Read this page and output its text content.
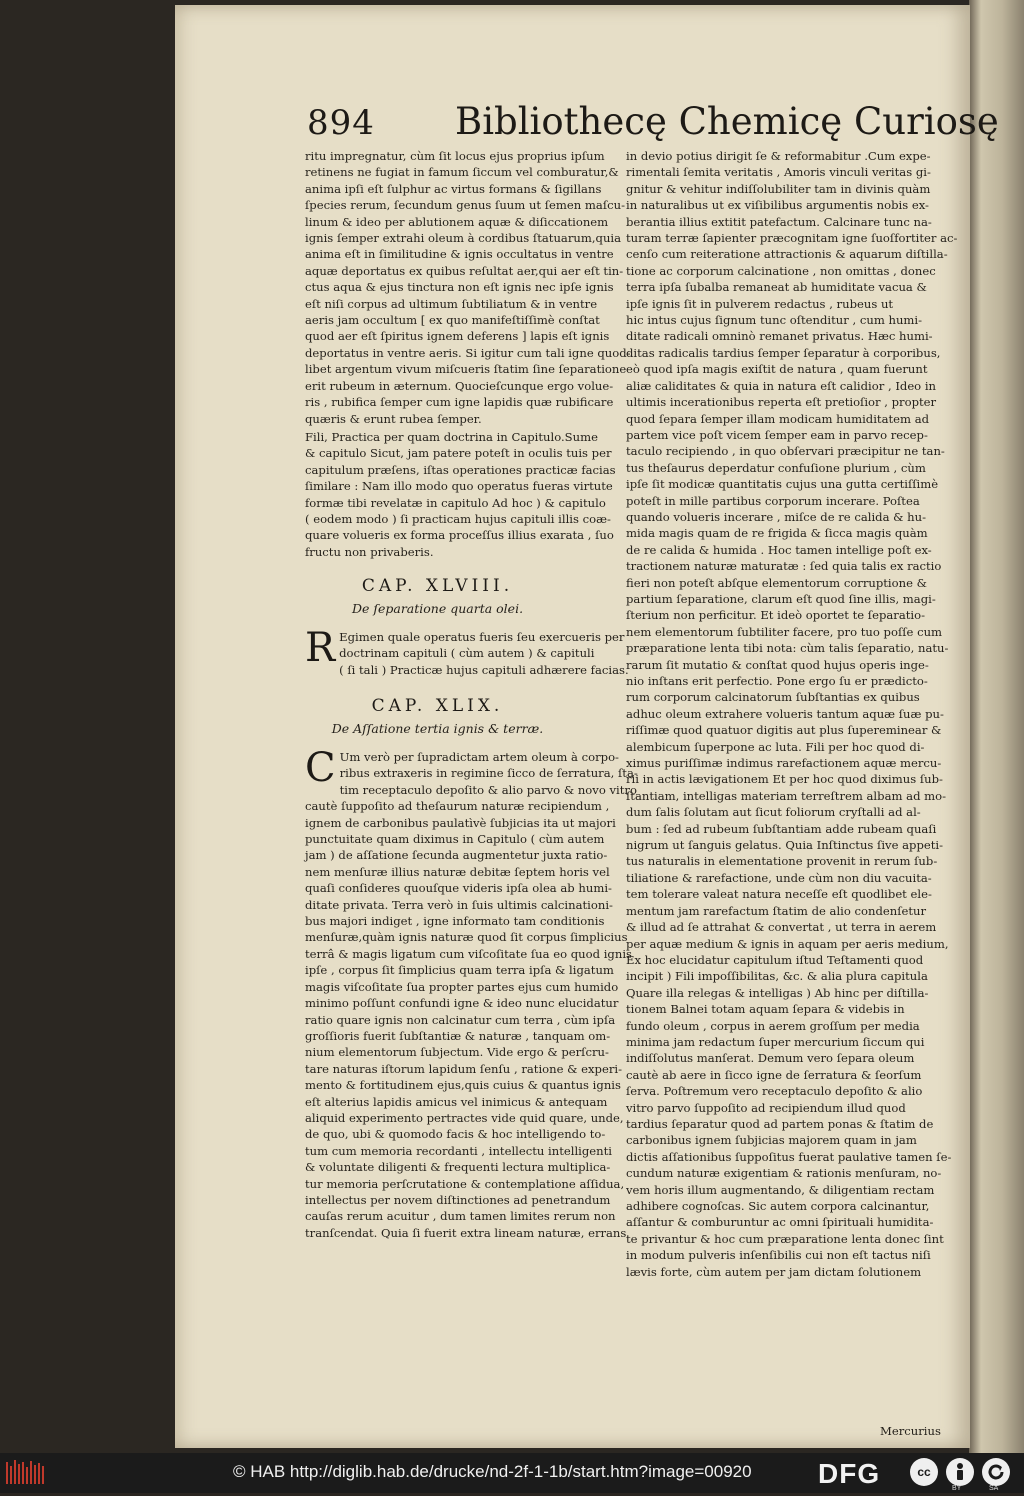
894 Bibliothecę Chemicę Curiosę
ritu impregnatur, cùm ſit locus ejus proprius ipſum
retinens ne fugiat in famum ſiccum vel comburatur,&
anima ipſi eſt ſulphur ac virtus formans & ſigillans
ſpecies rerum, ſecundum genus ſuum ut ſemen maſcu-
linum & ideo per ablutionem aquæ & diſiccationem
ignis ſemper extrahi oleum à cordibus ſtatuarum,quia
anima eſt in ſimilitudine & ignis occultatus in ventre
aquæ deportatus ex quibus reſultat aer,qui aer eſt tin-
ctus aqua & ejus tinctura non eſt ignis nec ipſe ignis
eſt niſi corpus ad ultimum ſubtiliatum & in ventre
aeris jam occultum [ ex quo manifeſtiſſimè conſtat
quod aer eſt ſpiritus ignem deferens ] lapis eſt ignis
deportatus in ventre aeris. Si igitur cum tali igne quod-
libet argentum vivum miſcueris ſtatim ſine ſeparatione
erit rubeum in æternum. Quocieſcunque ergo volue-
ris , rubifica ſemper cum igne lapidis quæ rubificare
quæris & erunt rubea ſemper.
Fili, Practica per quam doctrina in Capitulo.Sume
& capitulo Sicut, jam patere poteſt in oculis tuis per
capitulum præſens, iſtas operationes practicæ facias
ſimilare : Nam illo modo quo operatus fueras virtute
formæ tibi revelatæ in capitulo Ad hoc ) & capitulo
( eodem modo ) ſi practicam hujus capituli illis coæ-
quare volueris ex forma proceſſus illius exarata , ſuo
fructu non privaberis.
CAP. XLVIII.
De ſeparatione quarta olei.
R Egimen quale operatus fueris ſeu exercueris per
doctrinam capituli ( cùm autem ) & capituli
( ſi tali ) Practicæ hujus capituli adhærere facias.
CAP. XLIX.
De Aſſatione tertia ignis & terræ.
C Um verò per ſupradictam artem oleum à corpo-
ribus extraxeris in regimine ſicco de ſerratura, ſta-
tim receptaculo depoſito & alio parvo & novo vitro
cautè ſuppoſito ad theſaurum naturæ recipiendum ,
ignem de carbonibus paulatìvè ſubjicias ita ut majori
punctuitate quam diximus in Capitulo ( cùm autem
jam ) de aſſatione ſecunda augmentetur juxta ratio-
nem menſuræ illius naturæ debitæ ſeptem horis vel
quaſi conſideres quouſque videris ipſa olea ab humi-
ditate privata. Terra verò in ſuis ultimis calcinationi-
bus majori indiget , igne informato tam conditionis
menſuræ,quàm ignis naturæ quod ſit corpus ſimplicius
terrâ & magis ligatum cum viſcoſitate ſua eo quod ignis
ipſe , corpus ſit ſimplicius quam terra ipſa & ligatum
magis viſcoſitate ſua propter partes ejus cum humido
minimo poſſunt confundi igne & ideo nunc elucidatur
ratio quare ignis non calcinatur cum terra , cùm ipſa
groſſioris fuerit ſubſtantiæ & naturæ , tanquam om-
nium elementorum ſubjectum. Vide ergo & perſcru-
tare naturas iſtorum lapidum ſenſu , ratione & experi-
mento & fortitudinem ejus,quis cuius & quantus ignis
eſt alterius lapidis amicus vel inimicus & antequam
aliquid experimento pertractes vide quid quare, unde,
de quo, ubi & quomodo facis & hoc intelligendo to-
tum cum memoria recordanti , intellectu intelligenti
& voluntate diligenti & frequenti lectura multiplica-
tur memoria perſcrutatione & contemplatione aſſidua,
intellectus per novem diſtinctiones ad penetrandum
cauſas rerum acuitur , dum tamen limites rerum non
tranſcendat. Quia ſi fuerit extra lineam naturæ, errans
in devio potius dirigit ſe & reformabitur .Cum expe-
rimentali ſemita veritatis , Amoris vinculi veritas gi-
gnitur & vehitur indiſſolubiliter tam in divinis quàm
in naturalibus ut ex viſibilibus argumentis nobis ex-
berantia illius extitit patefactum. Calcinare tunc na-
turam terræ ſapienter præcognitam igne ſuoſfortiter ac-
cenſo cum reiteratione attractionis & aquarum diſtilla-
tione ac corporum calcinatione , non omittas , donec
terra ipſa ſubalba remaneat ab humiditate vacua &
ipſe ignis ſit in pulverem redactus , rubeus ut
hic intus cujus ſignum tunc oſtenditur , cum humi-
ditate radicali omninò remanet privatus. Hæc humi-
ditas radicalis tardius ſemper ſeparatur à corporibus,
eò quod ipſa magis exiſtit de natura , quam fuerunt
aliæ caliditates & quia in natura eſt calidior , Ideo in
ultimis incerationibus reperta eſt pretioſior , propter
quod ſepara ſemper illam modicam humiditatem ad
partem vice poſt vicem ſemper eam in parvo recep-
taculo recipiendo , in quo obſervari præcipitur ne tan-
tus theſaurus deperdatur confuſione plurium , cùm
ipſe ſit modicæ quantitatis cujus una gutta certiſſimè
poteſt in mille partibus corporum incerare. Poſtea
quando volueris incerare , miſce de re calida & hu-
mida magis quam de re frigida & ſicca magis quàm
de re calida & humida . Hoc tamen intellige poſt ex-
tractionem naturæ maturatæ : ſed quia talis ex ractio
fieri non poteſt abſque elementorum corruptione &
partium ſeparatione, clarum eſt quod ſine illis, magi-
ſterium non perficitur. Et ideò oportet te ſeparatio-
nem elementorum ſubtiliter facere, pro tuo poſſe cum
præparatione lenta tibi nota: cùm talis ſeparatio, natu-
rarum ſit mutatio & conſtat quod hujus operis inge-
nio inſtans erit perfectio. Pone ergo ſu er prædicto-
rum corporum calcinatorum ſubſtantias ex quibus
adhuc oleum extrahere volueris tantum aquæ ſuæ pu-
riſſimæ quod quatuor digitis aut plus ſupereminear &
alembicum ſuperpone ac luta. Fili per hoc quod di-
ximus puriſſimæ indimus rarefactionem aquæ mercu-
rii in actis lævigationem Et per hoc quod diximus ſub-
ſtantiam, intelligas materiam terreſtrem albam ad mo-
dum ſalis ſolutam aut ſicut foliorum cryſtalli ad al-
bum : ſed ad rubeum ſubſtantiam adde rubeam quaſi
nigrum ut ſanguis gelatus. Quia Inſtinctus ſive appeti-
tus naturalis in elementatione provenit in rerum ſub-
tiliatione & rarefactione, unde cùm non diu vacuita-
tem tolerare valeat natura neceſſe eſt quodlibet ele-
mentum jam rarefactum ſtatim de alio condenſetur
& illud ad ſe attrahat & convertat , ut terra in aerem
per aquæ medium & ignis in aquam per aeris medium,
Ex hoc elucidatur capitulum iſtud Teſtamenti quod
incipit ) Fili impoſſibilitas, &c. & alia plura capitula
Quare illa relegas & intelligas ) Ab hinc per diſtilla-
tionem Balnei totam aquam ſepara & videbis in
fundo oleum , corpus in aerem groſſum per media
minima jam redactum ſuper mercurium ſiccum qui
indiſſolutus manſerat. Demum vero ſepara oleum
cautè ab aere in ſicco igne de ſerratura & ſeorſum
ſerva. Poſtremum vero receptaculo depoſito & alio
vitro parvo ſuppoſito ad recipiendum illud quod
tardius ſeparatur quod ad partem ponas & ſtatim de
carbonibus ignem ſubjicias majorem quam in jam
dictis aſſationibus ſuppoſitus fuerat paulative tamen ſe-
cundum naturæ exigentiam & rationis menſuram, no-
vem horis illum augmentando, & diligentiam rectam
adhibere cognoſcas. Sic autem corpora calcinantur,
aſſantur & comburuntur ac omni ſpirituali humidita-
te privantur & hoc cum præparatione lenta donec ſint
in modum pulveris inſenſibilis cui non eſt tactus niſi
lævis forte, cùm autem per jam dictam ſolutionem
Mercurius
© HAB http://diglib.hab.de/drucke/nd-2f-1-1b/start.htm?image=00920 DFG	cc
BY	SA
